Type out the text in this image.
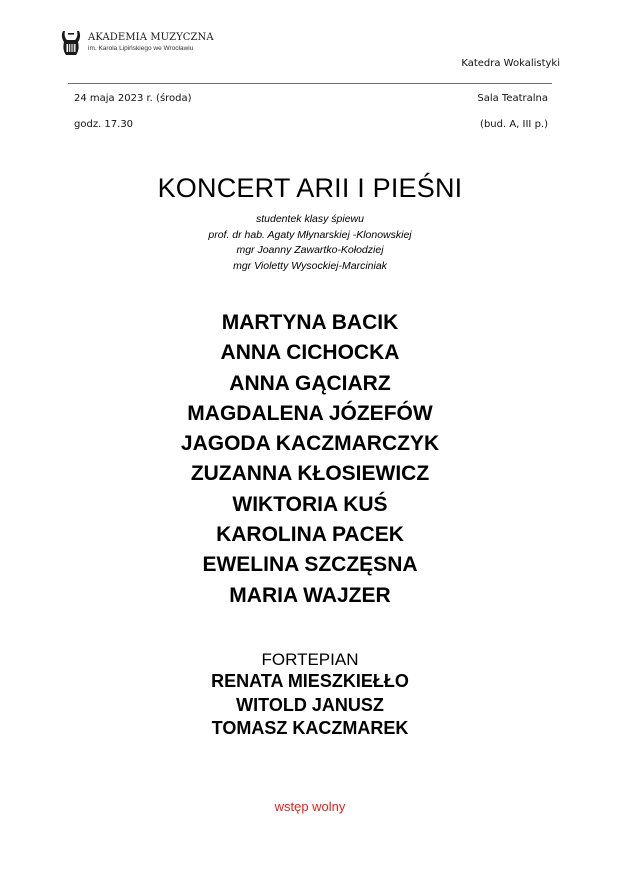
AKADEMIA MUZYCZNA
im. Karola Lipińskiego we Wrocławiu
Katedra Wokalistyki
24 maja 2023 r. (środa)
godz. 17.30
Sala Teatralna
(bud. A, III p.)
KONCERT ARII I PIEŚNI
studentek klasy śpiewu
prof. dr hab. Agaty Młynarskiej -Klonowskiej
mgr Joanny Zawartko-Kołodziej
mgr Violetty Wysockiej-Marciniak
MARTYNA BACIK
ANNA CICHOCKA
ANNA GĄCIARZ
MAGDALENA JÓZEFÓW
JAGODA KACZMARCZYK
ZUZANNA KŁOSIEWICZ
WIKTORIA KUŚ
KAROLINA PACEK
EWELINA SZCZĘSNA
MARIA WAJZER
FORTEPIAN
RENATA MIESZKIEŁŁO
WITOLD JANUSZ
TOMASZ KACZMAREK
wstęp wolny
